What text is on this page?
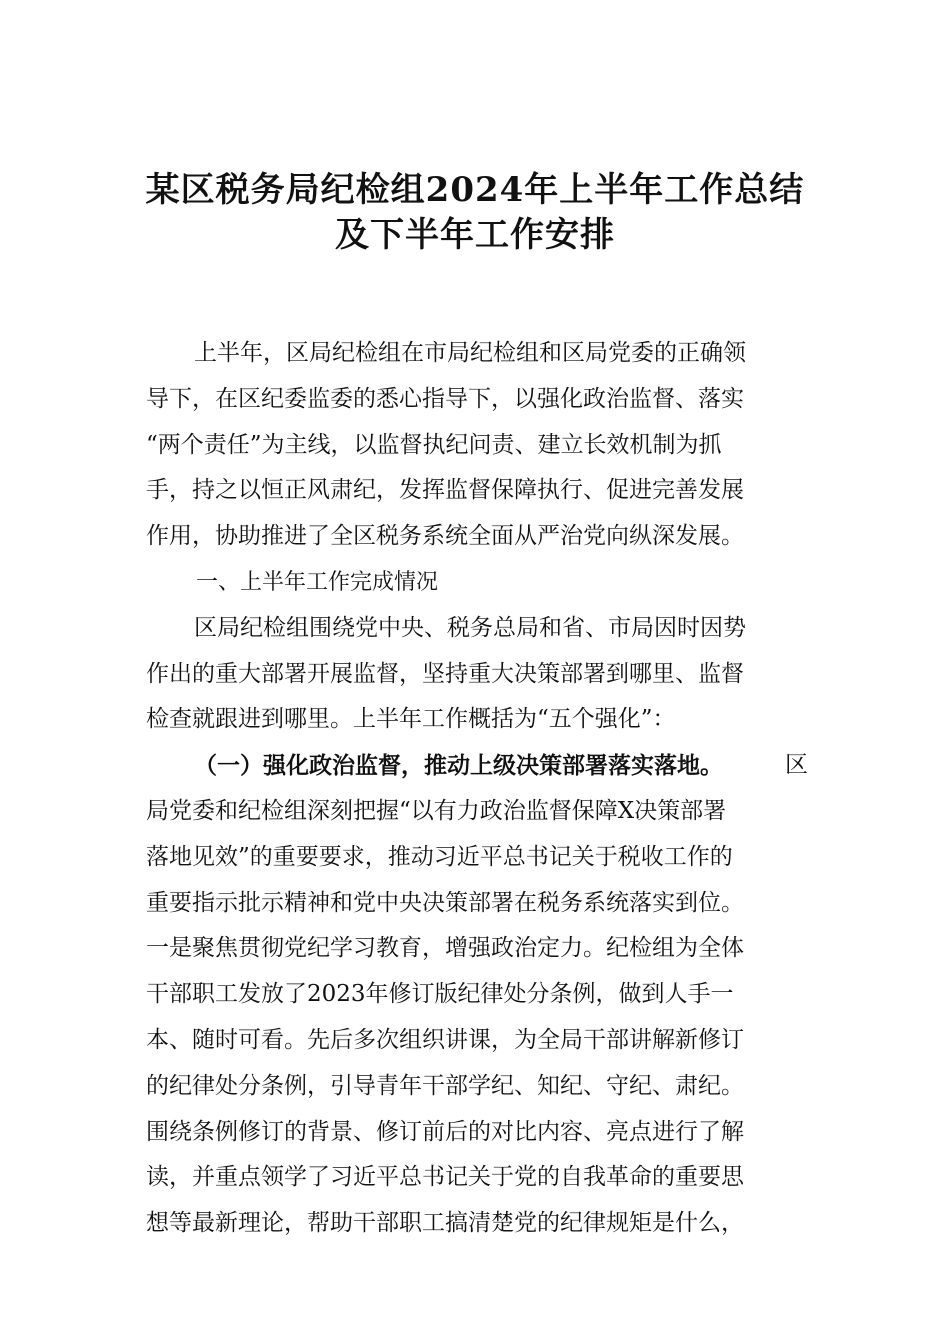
某区税务局纪检组2024年上半年工作总结
及下半年工作安排
上半年，区局纪检组在市局纪检组和区局党委的正确领
导下，在区纪委监委的悉心指导下，以强化政治监督、落实
“两个责任”为主线，以监督执纪问责、建立长效机制为抓
手，持之以恒正风肃纪，发挥监督保障执行、促进完善发展
作用，协助推进了全区税务系统全面从严治党向纵深发展。
一、上半年工作完成情况
区局纪检组围绕党中央、税务总局和省、市局因时因势
作出的重大部署开展监督，坚持重大决策部署到哪里、监督
检查就跟进到哪里。上半年工作概括为“五个强化”：
（一）强化政治监督，推动上级决策部署落实落地。	区
局党委和纪检组深刻把握“以有力政治监督保障X决策部署
落地见效”的重要要求，推动习近平总书记关于税收工作的
重要指示批示精神和党中央决策部署在税务系统落实到位。
一是聚焦贯彻党纪学习教育，增强政治定力。纪检组为全体
干部职工发放了2023年修订版纪律处分条例，做到人手一
本、随时可看。先后多次组织讲课，为全局干部讲解新修订
的纪律处分条例，引导青年干部学纪、知纪、守纪、肃纪。
围绕条例修订的背景、修订前后的对比内容、亮点进行了解
读，并重点领学了习近平总书记关于党的自我革命的重要思
想等最新理论，帮助干部职工搞清楚党的纪律规矩是什么，
